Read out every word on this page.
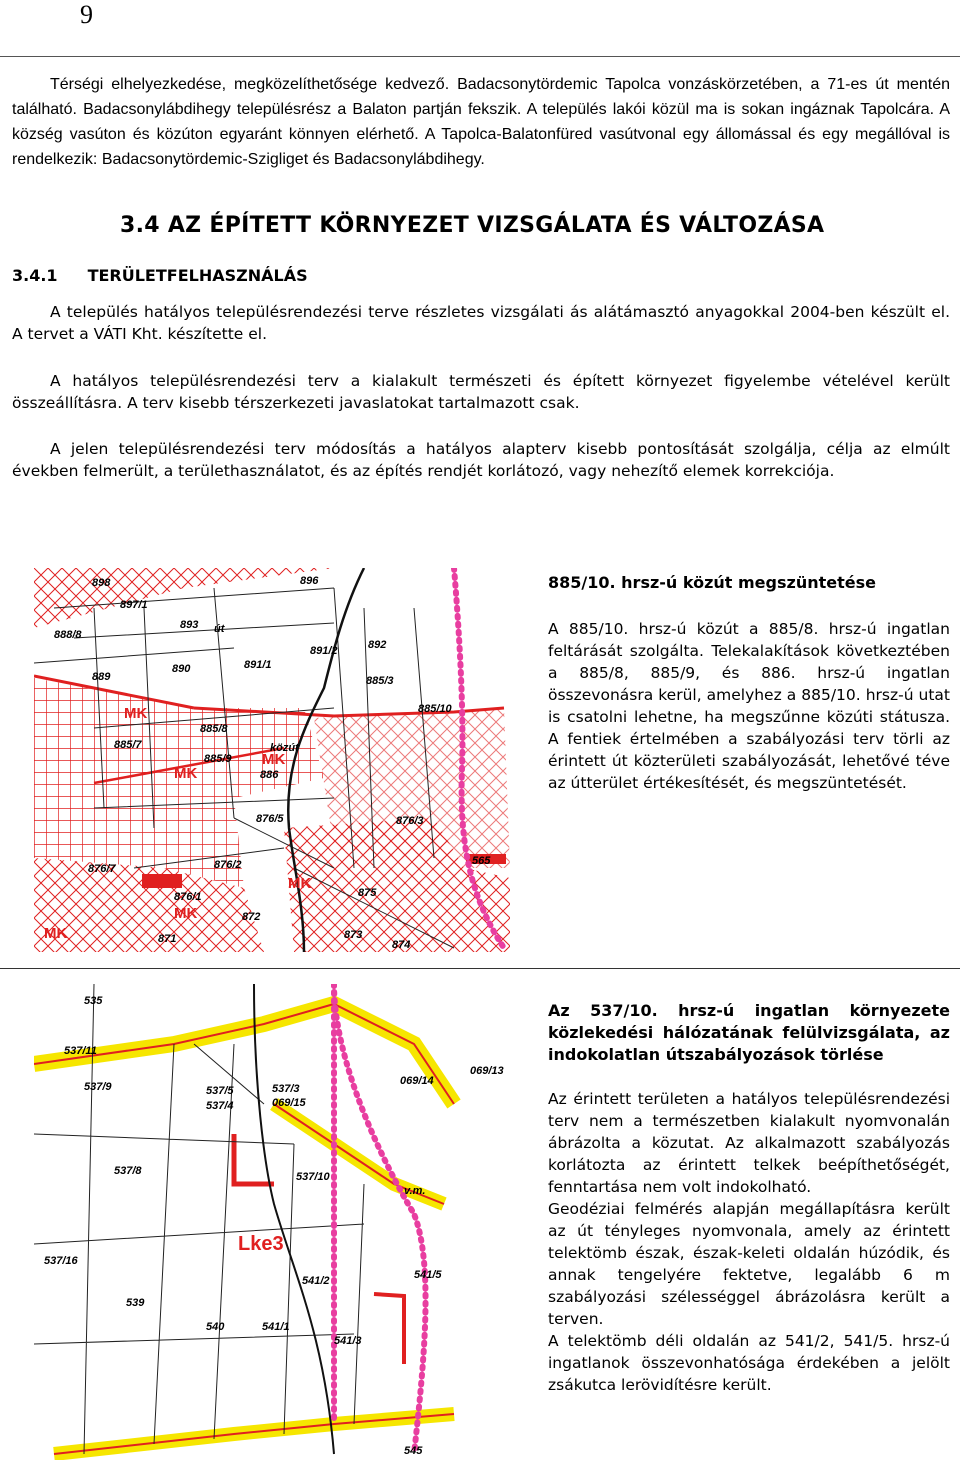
9

Térségi elhelyezkedése, megközelíthetősége kedvező. Badacsonytördemic Tapolca vonzáskörzetében, a 71-es út mentén található. Badacsonylábdihegy településrész a Balaton partján fekszik. A település lakói közül ma is sokan ingáznak Tapolcára. A község vasúton és közúton egyaránt könnyen elérhető. A Tapolca-Balatonfüred vasútvonal egy állomással és egy megállóval is rendelkezik: Badacsonytördemic-Szigliget és Badacsonylábdihegy.

3.4 AZ ÉPÍTETT KÖRNYEZET VIZSGÁLATA ÉS VÁLTOZÁSA
3.4.1 TERÜLETFELHASZNÁLÁS

A település hatályos településrendezési terve részletes vizsgálati ás alátámasztó anyagokkal 2004-ben készült el. A tervet a VÁTI Kht. készítette el.

A hatályos településrendezési terv a kialakult természeti és épített környezet figyelembe vételével került összeállításra. A terv kisebb térszerkezeti javaslatokat tartalmazott csak.

A jelen településrendezési terv módosítás a hatályos alapterv kisebb pontosítását szolgálja, célja az elmúlt években felmerült, a területhasználatot, és az építés rendjét korlátozó, vagy nehezítő elemek korrekciója.

898	896
897/1
888/8
893 út
892
891/2
889
890	891/1
885/3
885/10
885/8
885/7
885/9
886
876/5	876/3
876/7	876/2
876/1	875
872
873
871	874
565
közút
MK
MK
MK
MK
MK
MK
885/10. hrsz-ú közút megszüntetése

A 885/10. hrsz-ú közút a 885/8. hrsz-ú ingatlan feltárását szolgálta. Telekalakítások következtében a 885/8, 885/9, és 886. hrsz-ú ingatlan összevonásra kerül, amelyhez a 885/10. hrsz-ú utat is csatolni lehetne, ha megszűnne közúti státusza. A fentiek értelmében a szabályozási terv törli az érintett út közterületi szabályozását, lehetővé téve az útterület értékesítését, és megszüntetését.

535
537/11
537/9	537/3
537/5
537/4	069/15
069/14
069/13
537/8	537/10
v.m.
537/16
541/2	541/5
539
540	541/1
541/3
545
Lke3
Az 537/10. hrsz-ú ingatlan környezete közlekedési hálózatának felülvizsgálata, az indokolatlan útszabályozások törlése

Az érintett területen a hatályos településrendezési terv nem a természetben kialakult nyomvonalán ábrázolta a közutat. Az alkalmazott szabályozás korlátozta az érintett telkek beépíthetőségét, fenntartása nem volt indokolható.

Geodéziai felmérés alapján megállapításra került az út tényleges nyomvonala, amely az érintett telektömb észak, észak-keleti oldalán húzódik, és annak tengelyére fektetve, legalább 6 m szabályozási szélességgel ábrázolásra került a terven.

A telektömb déli oldalán az 541/2, 541/5. hrsz-ú ingatlanok összevonhatósága érdekében a jelölt zsákutca lerövidítésre került.
